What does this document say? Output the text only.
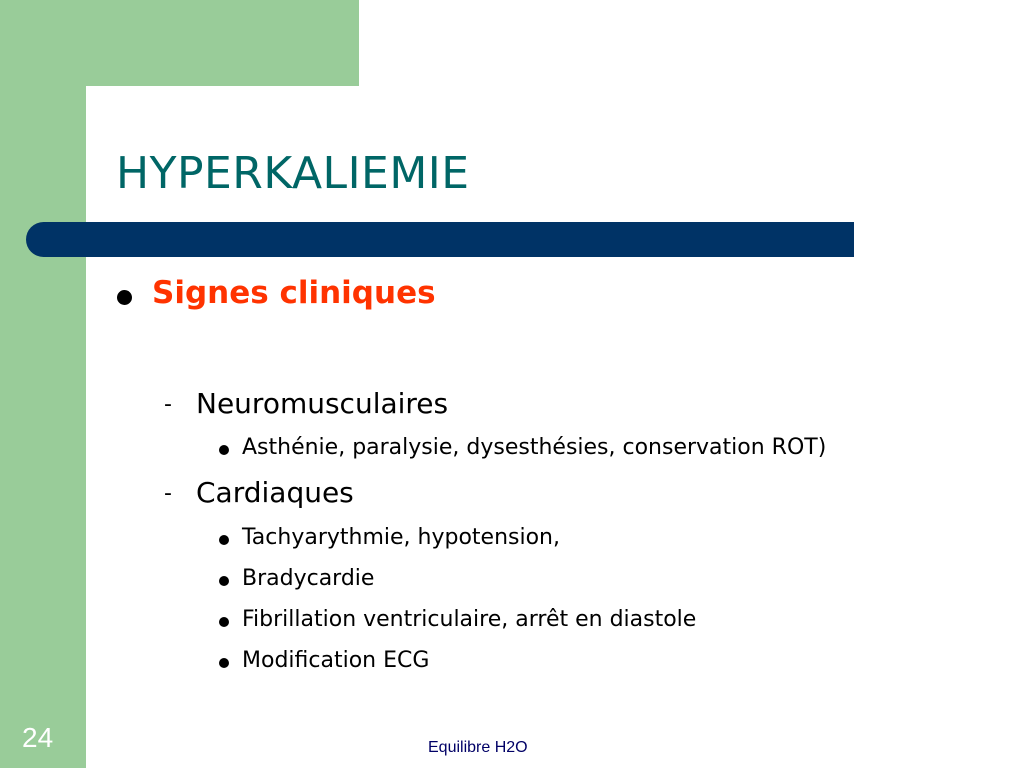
HYPERKALIEMIE

Signes cliniques

- Neuromusculaires

Asthénie, paralysie, dysesthésies, conservation ROT)

- Cardiaques

Tachyarythmie, hypotension,

Bradycardie

Fibrillation ventriculaire, arrêt en diastole

Modification ECG

24	Equilibre H2O
